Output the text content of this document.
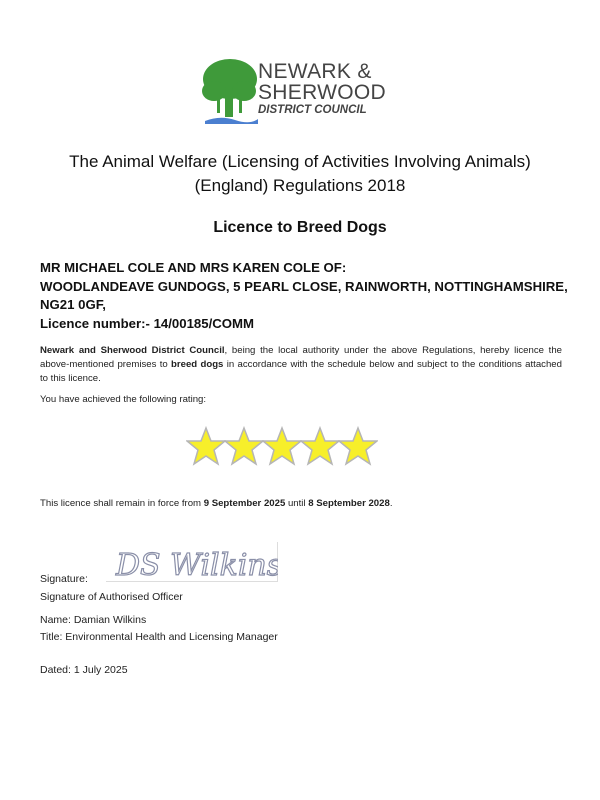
NEWARK &
SHERWOOD
DISTRICT COUNCIL
The Animal Welfare (Licensing of Activities Involving Animals)
(England) Regulations 2018
Licence to Breed Dogs
MR MICHAEL COLE AND MRS KAREN COLE OF:
WOODLANDEAVE GUNDOGS, 5 PEARL CLOSE, RAINWORTH, NOTTINGHAMSHIRE,
NG21 0GF,
Licence number:- 14/00185/COMM
Newark and Sherwood District Council, being the local authority under the above Regulations, hereby licence the above-mentioned premises to breed dogs in accordance with the schedule below and subject to the conditions attached to this licence.
You have achieved the following rating:
This licence shall remain in force from 9 September 2025 until 8 September 2028.
DS Wilkins
Signature:
Signature of Authorised Officer
Name: Damian Wilkins
Title: Environmental Health and Licensing Manager
Dated: 1 July 2025
